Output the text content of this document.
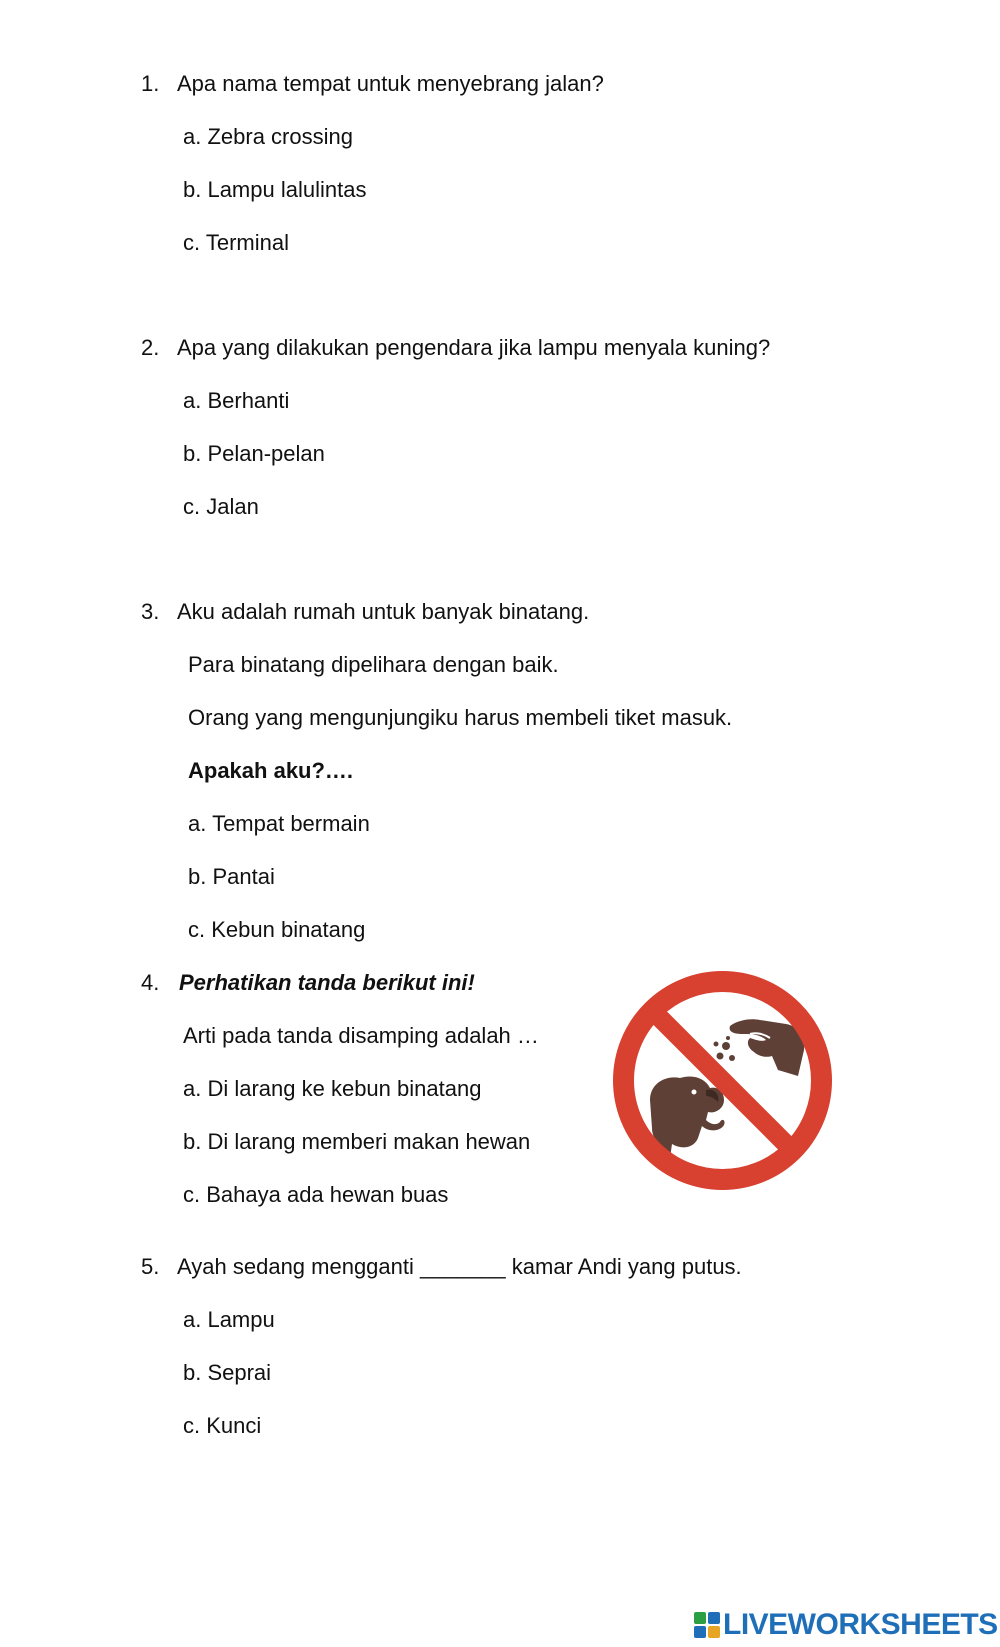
1. Apa nama tempat untuk menyebrang jalan?
a. Zebra crossing
b. Lampu lalulintas
c. Terminal
2. Apa yang dilakukan pengendara jika lampu menyala kuning?
a. Berhanti
b. Pelan-pelan
c. Jalan
3. Aku adalah rumah untuk banyak binatang.
Para binatang dipelihara dengan baik.
Orang yang mengunjungiku harus membeli tiket masuk.
Apakah aku?….
a. Tempat bermain
b. Pantai
c. Kebun binatang
4. Perhatikan tanda berikut ini!
Arti pada tanda disamping adalah …
a. Di larang ke kebun binatang
b. Di larang memberi makan hewan
c. Bahaya ada hewan buas
5. Ayah sedang mengganti _______ kamar Andi yang putus.
a. Lampu
b. Seprai
c. Kunci
LIVEWORKSHEETS
